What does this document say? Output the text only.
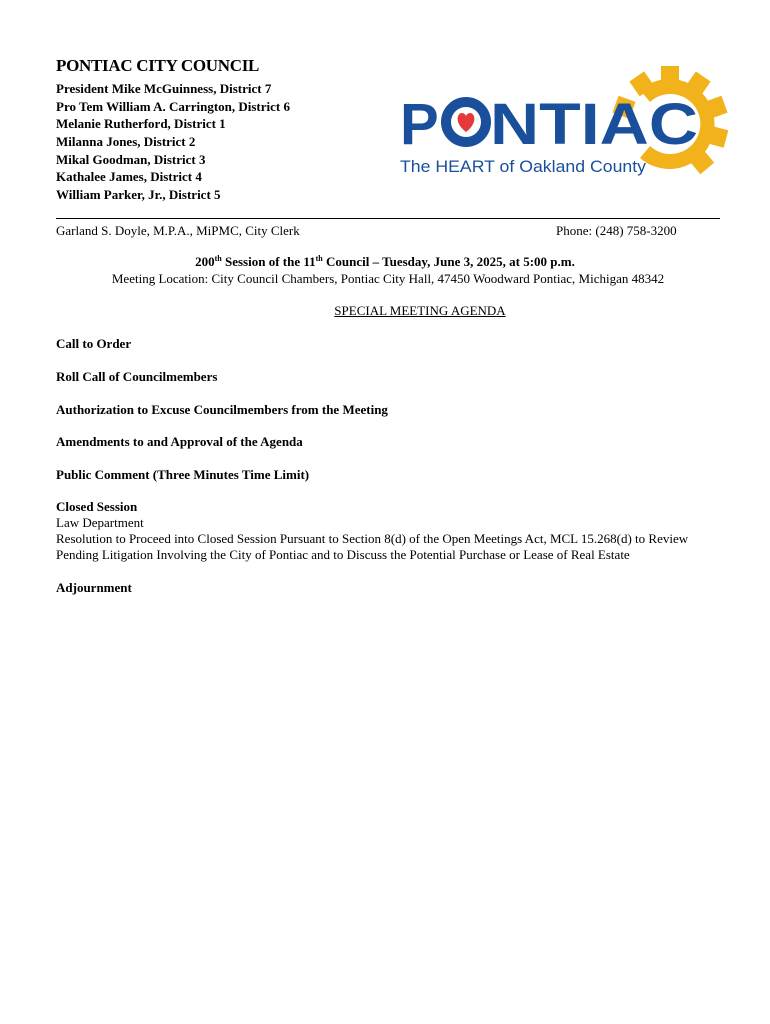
PONTIAC CITY COUNCIL
President Mike McGuinness, District 7
Pro Tem William A. Carrington, District 6
Melanie Rutherford, District 1
Milanna Jones, District 2
Mikal Goodman, District 3
Kathalee James, District 4
William Parker, Jr., District 5
P NTIAC
The HEART of Oakland County
Garland S. Doyle, M.P.A., MiPMC, City Clerk	Phone: (248) 758-3200
200th Session of the 11th Council – Tuesday, June 3, 2025, at 5:00 p.m.
Meeting Location: City Council Chambers, Pontiac City Hall, 47450 Woodward Pontiac, Michigan 48342
SPECIAL MEETING AGENDA
Call to Order
Roll Call of Councilmembers
Authorization to Excuse Councilmembers from the Meeting
Amendments to and Approval of the Agenda
Public Comment (Three Minutes Time Limit)
Closed Session
Law Department
Resolution to Proceed into Closed Session Pursuant to Section 8(d) of the Open Meetings Act, MCL 15.268(d) to Review
Pending Litigation Involving the City of Pontiac and to Discuss the Potential Purchase or Lease of Real Estate
Adjournment
